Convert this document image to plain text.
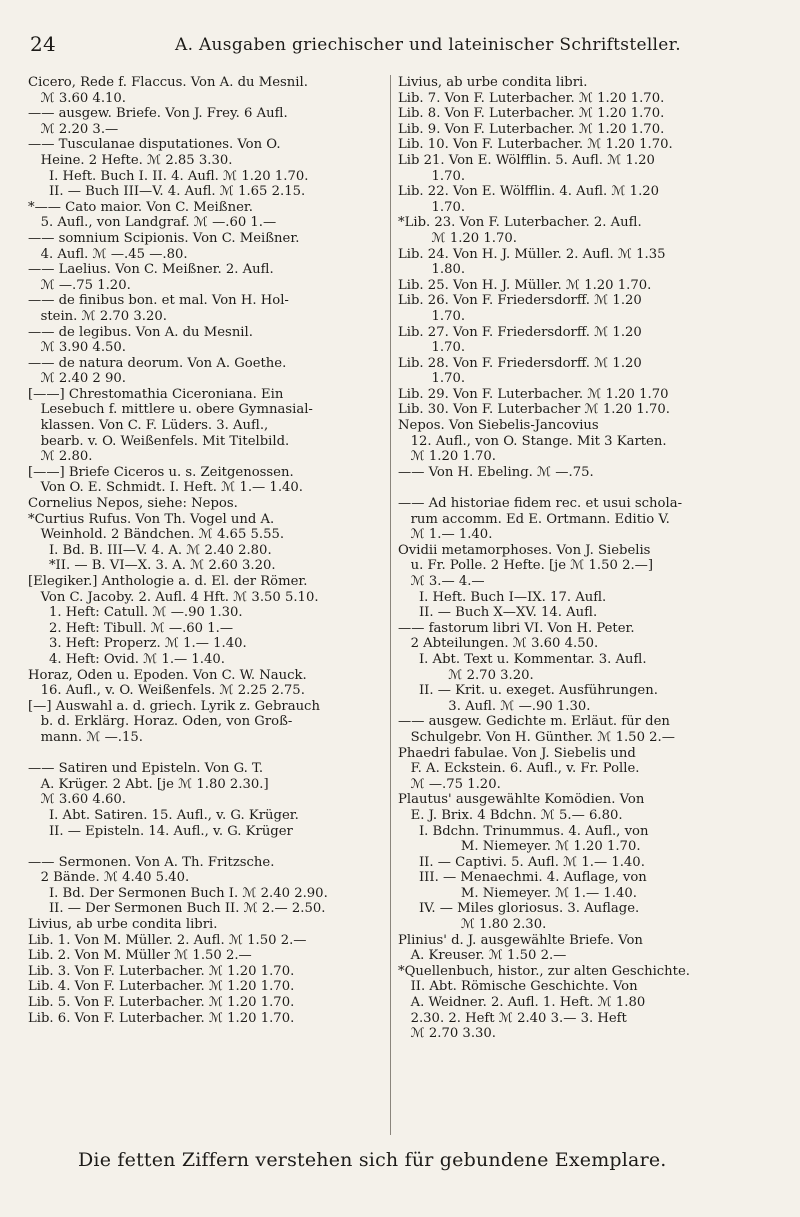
24	A. Ausgaben griechischer und lateinischer Schriftsteller.
Cicero, Rede f. Flaccus. Von A. du Mesnil.
ℳ 3.60 4.10.
—— ausgew. Briefe. Von J. Frey. 6 Aufl.
ℳ 2.20 3.—
—— Tusculanae disputationes. Von O.
Heine. 2 Hefte. ℳ 2.85 3.30.
I. Heft. Buch I. II. 4. Aufl. ℳ 1.20 1.70.
II. — Buch III—V. 4. Aufl. ℳ 1.65 2.15.
*—— Cato maior. Von C. Meißner.
5. Aufl., von Landgraf. ℳ —.60 1.—
—— somnium Scipionis. Von C. Meißner.
4. Aufl. ℳ —.45 —.80.
—— Laelius. Von C. Meißner. 2. Aufl.
ℳ —.75 1.20.
—— de finibus bon. et mal. Von H. Hol-
stein. ℳ 2.70 3.20.
—— de legibus. Von A. du Mesnil.
ℳ 3.90 4.50.
—— de natura deorum. Von A. Goethe.
ℳ 2.40 2 90.
[——] Chrestomathia Ciceroniana. Ein
Lesebuch f. mittlere u. obere Gymnasial-
klassen. Von C. F. Lüders. 3. Aufl.,
bearb. v. O. Weißenfels. Mit Titelbild.
ℳ 2.80.
[——] Briefe Ciceros u. s. Zeitgenossen.
Von O. E. Schmidt. I. Heft. ℳ 1.— 1.40.
Cornelius Nepos, siehe: Nepos.
*Curtius Rufus. Von Th. Vogel und A.
Weinhold. 2 Bändchen. ℳ 4.65 5.55.
I. Bd. B. III—V. 4. A. ℳ 2.40 2.80.
*II. — B. VI—X. 3. A. ℳ 2.60 3.20.
[Elegiker.] Anthologie a. d. El. der Römer.
Von C. Jacoby. 2. Aufl. 4 Hft. ℳ 3.50 5.10.
1. Heft: Catull. ℳ —.90 1.30.
2. Heft: Tibull. ℳ —.60 1.—
3. Heft: Properz. ℳ 1.— 1.40.
4. Heft: Ovid. ℳ 1.— 1.40.
Horaz, Oden u. Epoden. Von C. W. Nauck.
16. Aufl., v. O. Weißenfels. ℳ 2.25 2.75.
[—] Auswahl a. d. griech. Lyrik z. Gebrauch
b. d. Erklärg. Horaz. Oden, von Groß-
mann. ℳ —.15.
—— Satiren und Episteln. Von G. T.
A. Krüger. 2 Abt. [je ℳ 1.80 2.30.]
ℳ 3.60 4.60.
I. Abt. Satiren. 15. Aufl., v. G. Krüger.
II. — Episteln. 14. Aufl., v. G. Krüger
—— Sermonen. Von A. Th. Fritzsche.
2 Bände. ℳ 4.40 5.40.
I. Bd. Der Sermonen Buch I. ℳ 2.40 2.90.
II. — Der Sermonen Buch II. ℳ 2.— 2.50.
Livius, ab urbe condita libri.
Lib. 1. Von M. Müller. 2. Aufl. ℳ 1.50 2.—
Lib. 2. Von M. Müller ℳ 1.50 2.—
Lib. 3. Von F. Luterbacher. ℳ 1.20 1.70.
Lib. 4. Von F. Luterbacher. ℳ 1.20 1.70.
Lib. 5. Von F. Luterbacher. ℳ 1.20 1.70.
Lib. 6. Von F. Luterbacher. ℳ 1.20 1.70.
Livius, ab urbe condita libri.
Lib. 7. Von F. Luterbacher. ℳ 1.20 1.70.
Lib. 8. Von F. Luterbacher. ℳ 1.20 1.70.
Lib. 9. Von F. Luterbacher. ℳ 1.20 1.70.
Lib. 10. Von F. Luterbacher. ℳ 1.20 1.70.
Lib 21. Von E. Wölfflin. 5. Aufl. ℳ 1.20
1.70.
Lib. 22. Von E. Wölfflin. 4. Aufl. ℳ 1.20
1.70.
*Lib. 23. Von F. Luterbacher. 2. Aufl.
ℳ 1.20 1.70.
Lib. 24. Von H. J. Müller. 2. Aufl. ℳ 1.35
1.80.
Lib. 25. Von H. J. Müller. ℳ 1.20 1.70.
Lib. 26. Von F. Friedersdorff. ℳ 1.20
1.70.
Lib. 27. Von F. Friedersdorff. ℳ 1.20
1.70.
Lib. 28. Von F. Friedersdorff. ℳ 1.20
1.70.
Lib. 29. Von F. Luterbacher. ℳ 1.20 1.70
Lib. 30. Von F. Luterbacher ℳ 1.20 1.70.
Nepos. Von Siebelis-Jancovius
12. Aufl., von O. Stange. Mit 3 Karten.
ℳ 1.20 1.70.
—— Von H. Ebeling. ℳ —.75.
—— Ad historiae fidem rec. et usui schola-
rum accomm. Ed E. Ortmann. Editio V.
ℳ 1.— 1.40.
Ovidii metamorphoses. Von J. Siebelis
u. Fr. Polle. 2 Hefte. [je ℳ 1.50 2.—]
ℳ 3.— 4.—
I. Heft. Buch I—IX. 17. Aufl.
II. — Buch X—XV. 14. Aufl.
—— fastorum libri VI. Von H. Peter.
2 Abteilungen. ℳ 3.60 4.50.
I. Abt. Text u. Kommentar. 3. Aufl.
ℳ 2.70 3.20.
II. — Krit. u. exeget. Ausführungen.
3. Aufl. ℳ —.90 1.30.
—— ausgew. Gedichte m. Erläut. für den
Schulgebr. Von H. Günther. ℳ 1.50 2.—
Phaedri fabulae. Von J. Siebelis und
F. A. Eckstein. 6. Aufl., v. Fr. Polle.
ℳ —.75 1.20.
Plautus' ausgewählte Komödien. Von
E. J. Brix. 4 Bdchn. ℳ 5.— 6.80.
I. Bdchn. Trinummus. 4. Aufl., von
M. Niemeyer. ℳ 1.20 1.70.
II. — Captivi. 5. Aufl. ℳ 1.— 1.40.
III. — Menaechmi. 4. Auflage, von
M. Niemeyer. ℳ 1.— 1.40.
IV. — Miles gloriosus. 3. Auflage.
ℳ 1.80 2.30.
Plinius' d. J. ausgewählte Briefe. Von
A. Kreuser. ℳ 1.50 2.—
*Quellenbuch, histor., zur alten Geschichte.
II. Abt. Römische Geschichte. Von
A. Weidner. 2. Aufl. 1. Heft. ℳ 1.80
2.30. 2. Heft ℳ 2.40 3.— 3. Heft
ℳ 2.70 3.30.
Die fetten Ziffern verstehen sich für gebundene Exemplare.
